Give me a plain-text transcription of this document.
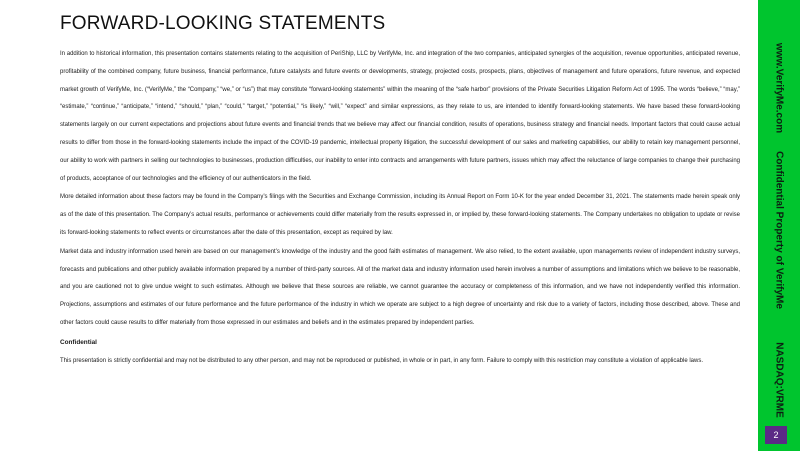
FORWARD-LOOKING STATEMENTS

In addition to historical information, this presentation contains statements relating to the acquisition of PeriShip, LLC by VerifyMe, Inc. and integration of the two companies, anticipated synergies of the acquisition, revenue opportunities, anticipated revenue, profitability of the combined company, future business, financial performance, future catalysts and future events or developments, strategy, projected costs, prospects, plans, objectives of management and future operations, future revenue, and expected market growth of VerifyMe, Inc. (“VerifyMe,” the “Company,” “we,” or “us”) that may constitute “forward-looking statements” within the meaning of the “safe harbor” provisions of the Private Securities Litigation Reform Act of 1995. The words “believe,” “may,” “estimate,” “continue,” “anticipate,” “intend,” “should,” “plan,” “could,” “target,” “potential,” “is likely,” “will,” “expect” and similar expressions, as they relate to us, are intended to identify forward-looking statements. We have based these forward-looking statements largely on our current expectations and projections about future events and financial trends that we believe may affect our financial condition, results of operations, business strategy and financial needs. Important factors that could cause actual results to differ from those in the forward-looking statements include the impact of the COVID-19 pandemic, intellectual property litigation, the successful development of our sales and marketing capabilities, our ability to retain key management personnel, our ability to work with partners in selling our technologies to businesses, production difficulties, our inability to enter into contracts and arrangements with future partners, issues which may affect the reluctance of large companies to change their purchasing of products, acceptance of our technologies and the efficiency of our authenticators in the field.

More detailed information about these factors may be found in the Company’s filings with the Securities and Exchange Commission, including its Annual Report on Form 10-K for the year ended December 31, 2021. The statements made herein speak only as of the date of this presentation. The Company’s actual results, performance or achievements could differ materially from the results expressed in, or implied by, these forward-looking statements. The Company undertakes no obligation to update or revise its forward-looking statements to reflect events or circumstances after the date of this presentation, except as required by law.

Market data and industry information used herein are based on our management’s knowledge of the industry and the good faith estimates of management. We also relied, to the extent available, upon managements review of independent industry surveys, forecasts and publications and other publicly available information prepared by a number of third-party sources. All of the market data and industry information used herein involves a number of assumptions and limitations which we believe to be reasonable, and you are cautioned not to give undue weight to such estimates. Although we believe that these sources are reliable, we cannot guarantee the accuracy or completeness of this information, and we have not independently verified this information. Projections, assumptions and estimates of our future performance and the future performance of the industry in which we operate are subject to a high degree of uncertainty and risk due to a variety of factors, including those described, above. These and other factors could cause results to differ materially from those expressed in our estimates and beliefs and in the estimates prepared by independent parties.

Confidential

This presentation is strictly confidential and may not be distributed to any other person, and may not be reproduced or published, in whole or in part, in any form. Failure to comply with this restriction may constitute a violation of applicable laws.

www.VerifyMe.com
Confidential Property of VerifyMe
NASDAQ:VRME
2
